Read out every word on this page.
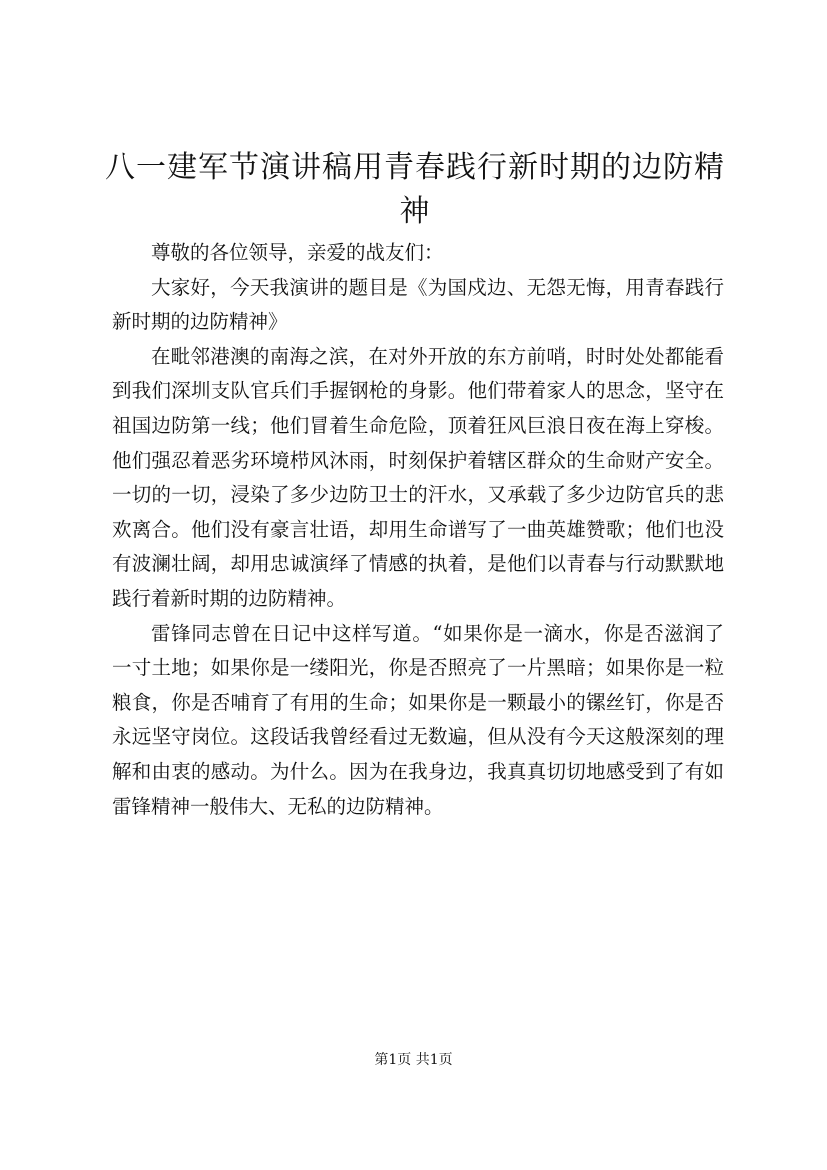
八一建军节演讲稿用青春践行新时期的边防精神

尊敬的各位领导，亲爱的战友们：

大家好，今天我演讲的题目是《为国戍边、无怨无悔，用青春践行新时期的边防精神》

在毗邻港澳的南海之滨，在对外开放的东方前哨，时时处处都能看到我们深圳支队官兵们手握钢枪的身影。他们带着家人的思念，坚守在祖国边防第一线；他们冒着生命危险，顶着狂风巨浪日夜在海上穿梭。他们强忍着恶劣环境栉风沐雨，时刻保护着辖区群众的生命财产安全。一切的一切，浸染了多少边防卫士的汗水，又承载了多少边防官兵的悲欢离合。他们没有豪言壮语，却用生命谱写了一曲英雄赞歌；他们也没有波澜壮阔，却用忠诚演绎了情感的执着，是他们以青春与行动默默地践行着新时期的边防精神。

雷锋同志曾在日记中这样写道。“如果你是一滴水，你是否滋润了一寸土地；如果你是一缕阳光，你是否照亮了一片黑暗；如果你是一粒粮食，你是否哺育了有用的生命；如果你是一颗最小的镙丝钉，你是否永远坚守岗位。这段话我曾经看过无数遍，但从没有今天这般深刻的理解和由衷的感动。为什么。因为在我身边，我真真切切地感受到了有如雷锋精神一般伟大、无私的边防精神。

第1页 共1页
